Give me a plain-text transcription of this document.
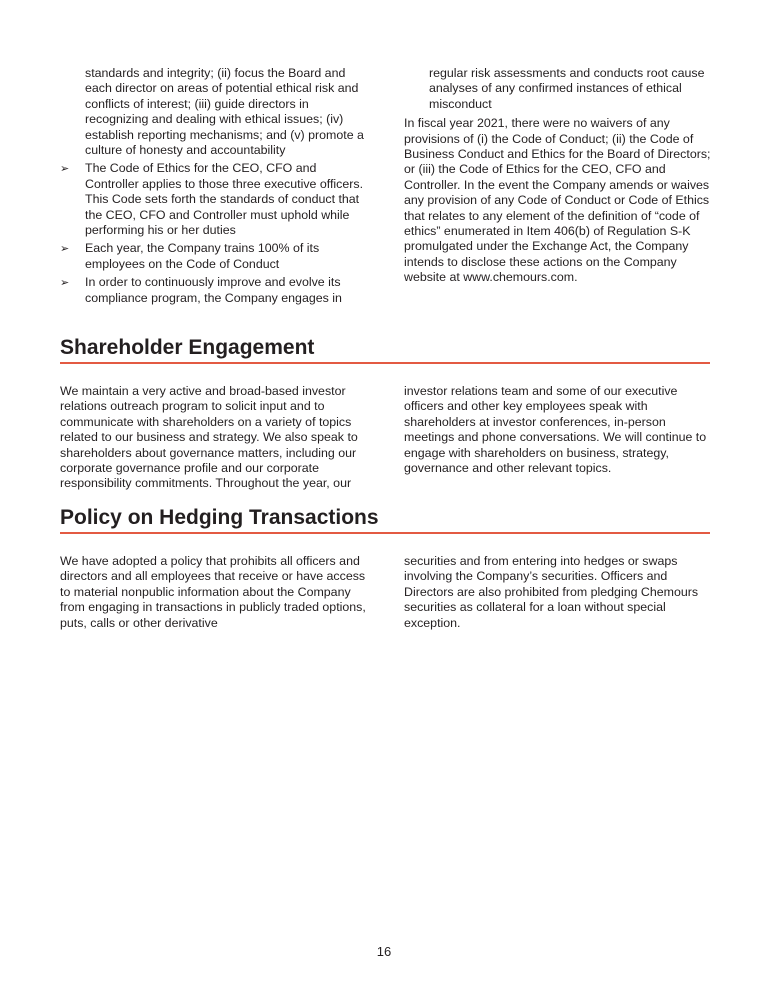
standards and integrity; (ii) focus the Board and each director on areas of potential ethical risk and conflicts of interest; (iii) guide directors in recognizing and dealing with ethical issues; (iv) establish reporting mechanisms; and (v) promote a culture of honesty and accountability

➢	The Code of Ethics for the CEO, CFO and Controller applies to those three executive officers. This Code sets forth the standards of conduct that the CEO, CFO and Controller must uphold while performing his or her duties
➢	Each year, the Company trains 100% of its employees on the Code of Conduct
➢	In order to continuously improve and evolve its compliance program, the Company engages in

regular risk assessments and conducts root cause analyses of any confirmed instances of ethical misconduct

In fiscal year 2021, there were no waivers of any provisions of (i) the Code of Conduct; (ii) the Code of Business Conduct and Ethics for the Board of Directors; or (iii) the Code of Ethics for the CEO, CFO and Controller. In the event the Company amends or waives any provision of any Code of Conduct or Code of Ethics that relates to any element of the definition of “code of ethics” enumerated in Item 406(b) of Regulation S-K promulgated under the Exchange Act, the Company intends to disclose these actions on the Company website at www.chemours.com.

Shareholder Engagement

We maintain a very active and broad-based investor relations outreach program to solicit input and to communicate with shareholders on a variety of topics related to our business and strategy. We also speak to shareholders about governance matters, including our corporate governance profile and our corporate responsibility commitments. Throughout the year, our

investor relations team and some of our executive officers and other key employees speak with shareholders at investor conferences, in-person meetings and phone conversations. We will continue to engage with shareholders on business, strategy, governance and other relevant topics.

Policy on Hedging Transactions

We have adopted a policy that prohibits all officers and directors and all employees that receive or have access to material nonpublic information about the Company from engaging in transactions in publicly traded options, puts, calls or other derivative

securities and from entering into hedges or swaps involving the Company’s securities. Officers and Directors are also prohibited from pledging Chemours securities as collateral for a loan without special exception.

16
